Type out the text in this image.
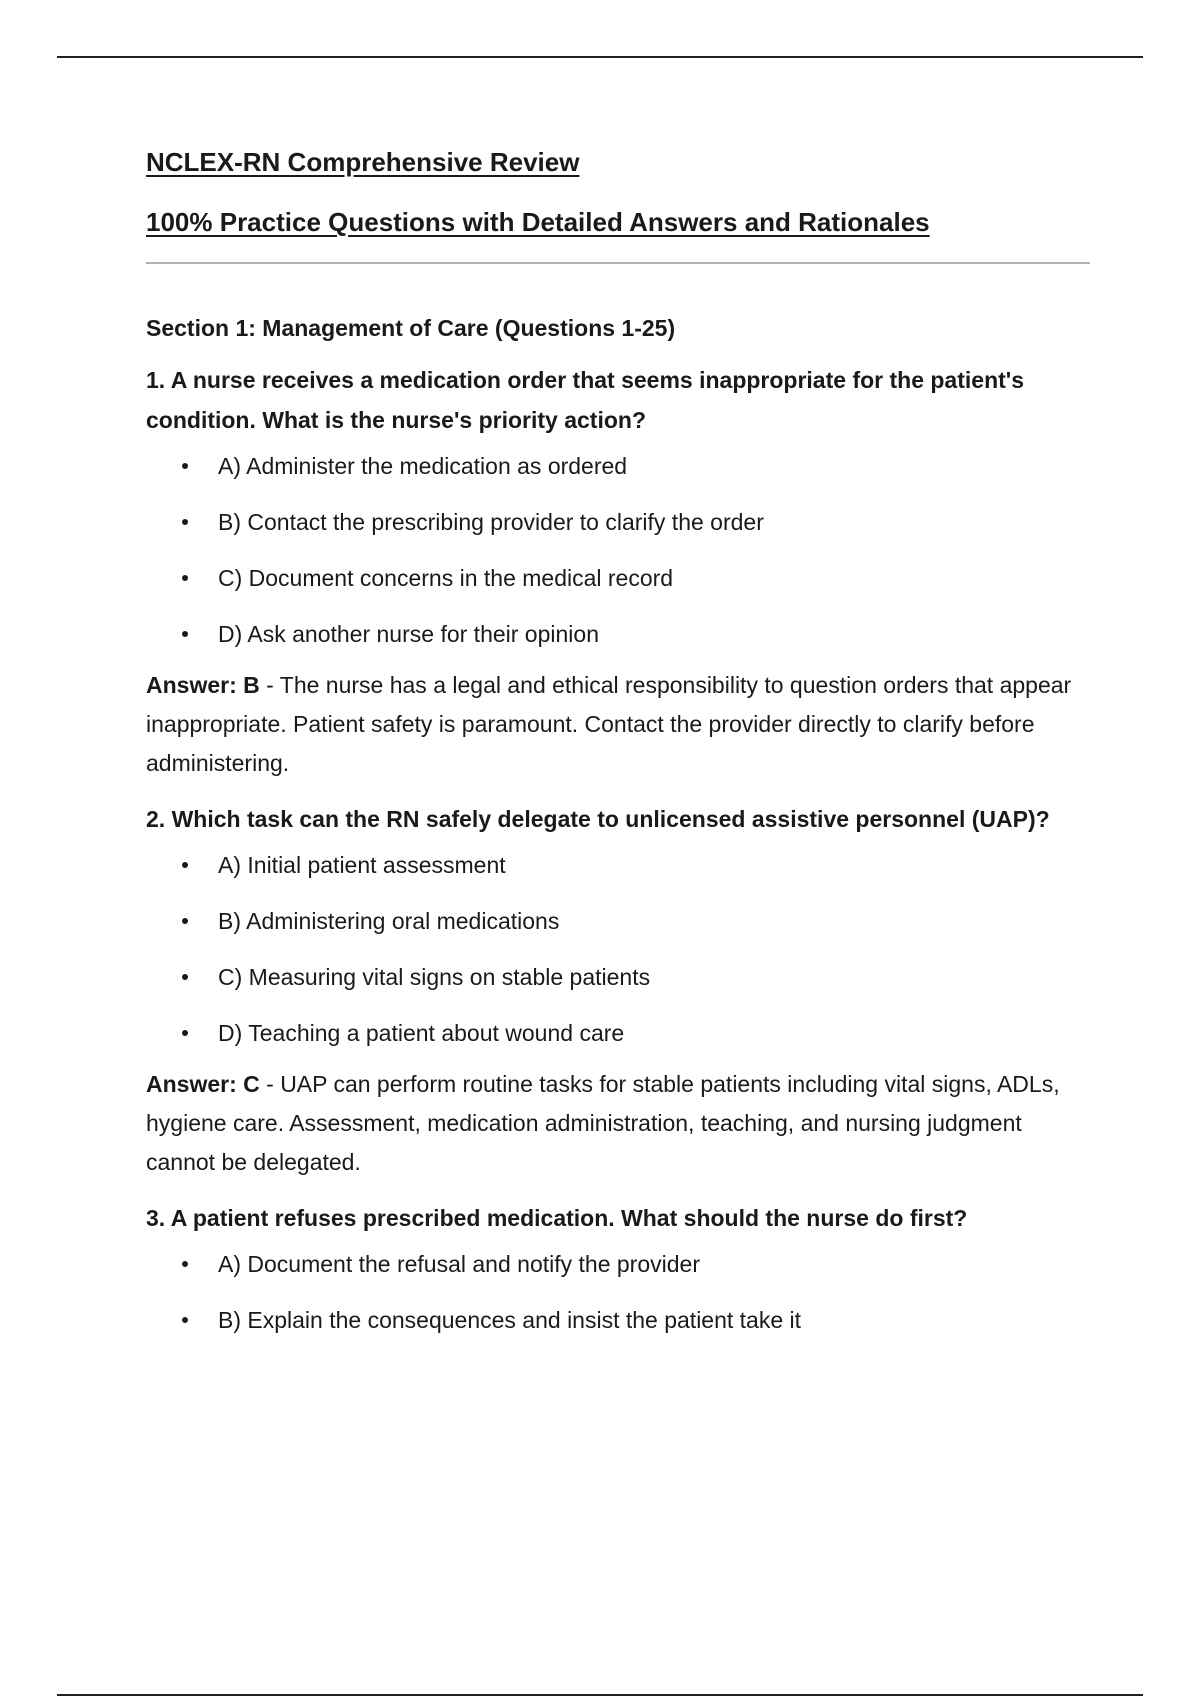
NCLEX-RN Comprehensive Review
100% Practice Questions with Detailed Answers and Rationales
Section 1: Management of Care (Questions 1-25)

1. A nurse receives a medication order that seems inappropriate for the patient's condition. What is the nurse's priority action?

A) Administer the medication as ordered
B) Contact the prescribing provider to clarify the order
C) Document concerns in the medical record
D) Ask another nurse for their opinion

Answer: B - The nurse has a legal and ethical responsibility to question orders that appear inappropriate. Patient safety is paramount. Contact the provider directly to clarify before administering.

2. Which task can the RN safely delegate to unlicensed assistive personnel (UAP)?

A) Initial patient assessment
B) Administering oral medications
C) Measuring vital signs on stable patients
D) Teaching a patient about wound care

Answer: C - UAP can perform routine tasks for stable patients including vital signs, ADLs, hygiene care. Assessment, medication administration, teaching, and nursing judgment cannot be delegated.

3. A patient refuses prescribed medication. What should the nurse do first?

A) Document the refusal and notify the provider
B) Explain the consequences and insist the patient take it
